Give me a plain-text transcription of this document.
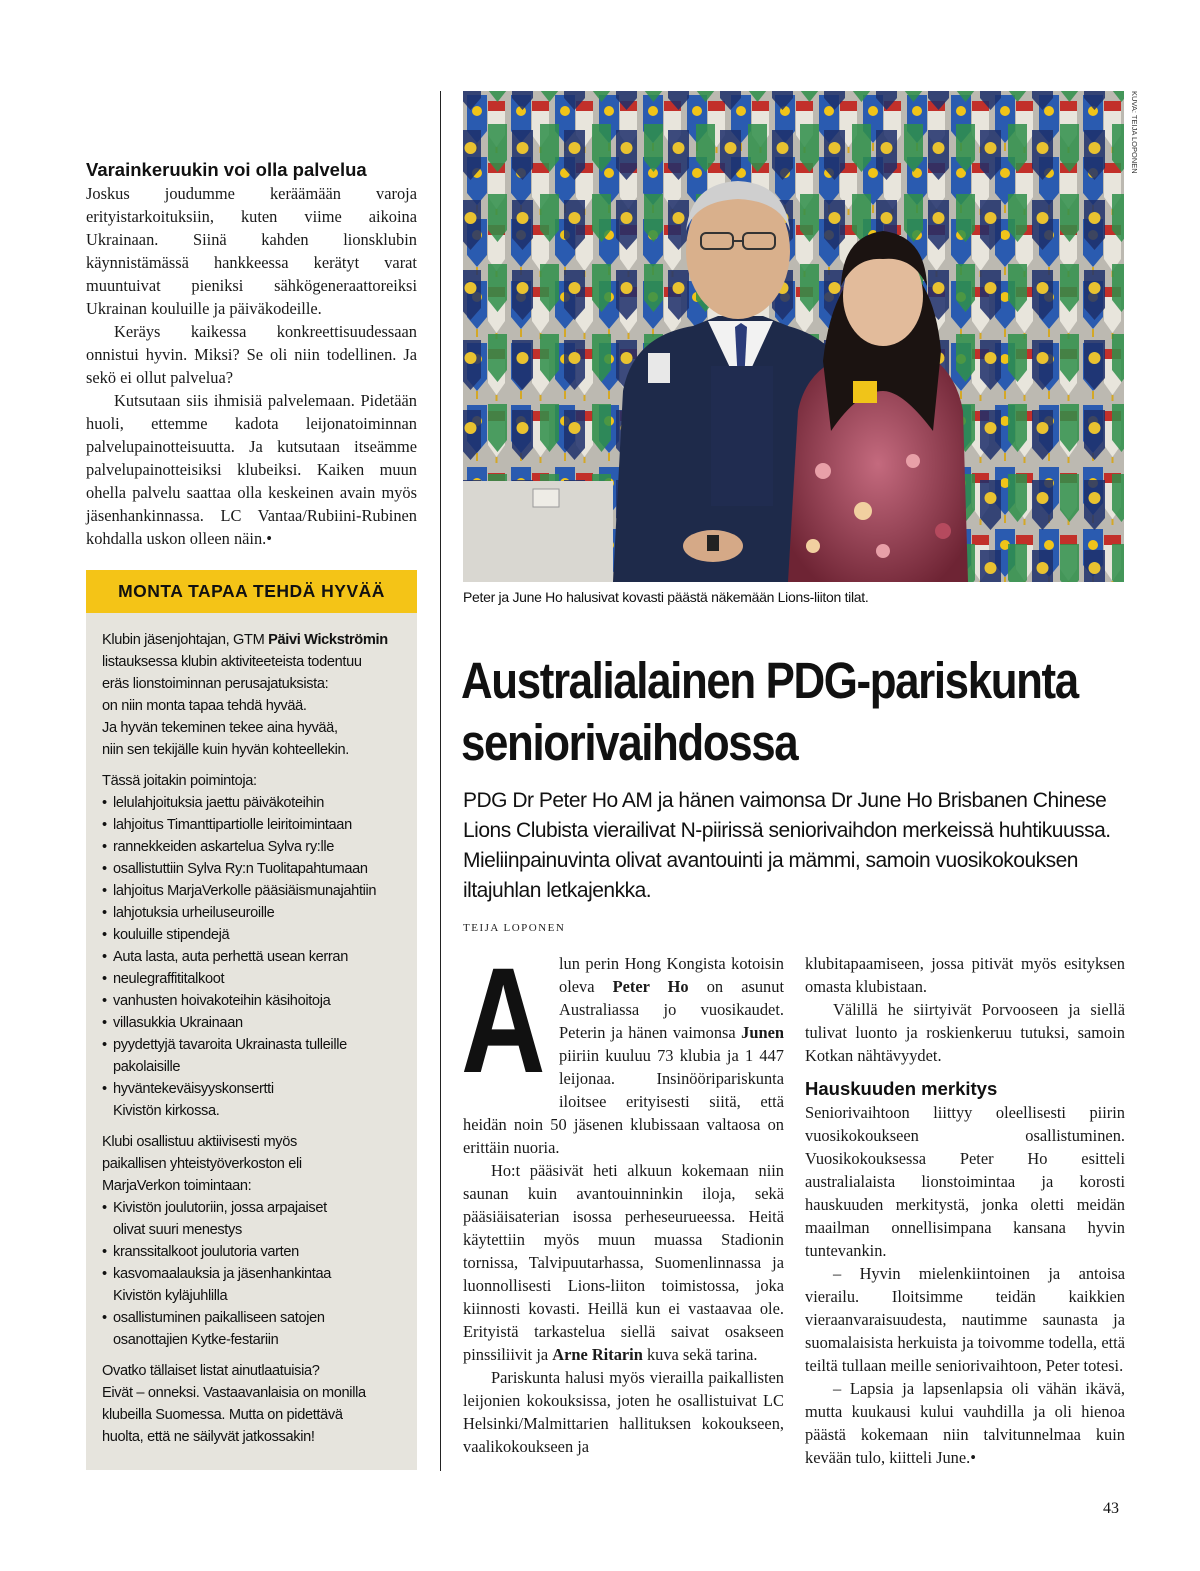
Varainkeruukin voi olla palvelua

Joskus joudumme keräämään varoja erityistarkoituksiin, kuten viime aikoina Ukrainaan. Siinä kahden lionsklubin käynnistämässä hankkeessa kerätyt varat muuntuivat pieniksi sähkögeneraattoreiksi Ukrainan kouluille ja päiväkodeille.

Keräys kaikessa konkreettisuudessaan onnistui hyvin. Miksi? Se oli niin todellinen. Ja sekö ei ollut palvelua?

Kutsutaan siis ihmisiä palvelemaan. Pidetään huoli, ettemme kadota leijonatoiminnan palvelupainotteisuutta. Ja kutsutaan itseämme palvelupainotteisiksi klubeiksi. Kaiken muun ohella palvelu saattaa olla keskeinen avain myös jäsenhankinnassa. LC Vantaa/Rubiini-Rubinen kohdalla uskon olleen näin.•

MONTA TAPAA TEHDÄ HYVÄÄ
Klubin jäsenjohtajan, GTM Päivi Wickströmin
listauksessa klubin aktiviteeteista todentuu
eräs lionstoiminnan perusajatuksista:
on niin monta tapaa tehdä hyvää.
Ja hyvän tekeminen tekee aina hyvää,
niin sen tekijälle kuin hyvän kohteellekin.
Tässä joitakin poimintoja:
• lelulahjoituksia jaettu päiväkoteihin
• lahjoitus Timanttipartiolle leiritoimintaan
• rannekkeiden askartelua Sylva ry:lle
• osallistuttiin Sylva Ry:n Tuolitapahtumaan
• lahjoitus MarjaVerkolle pääsiäismunajahtiin
• lahjotuksia urheiluseuroille
• kouluille stipendejä
• Auta lasta, auta perhettä usean kerran
• neulegraffititalkoot
• vanhusten hoivakoteihin käsihoitoja
• villasukkia Ukrainaan
• pyydettyjä tavaroita Ukrainasta tulleille
pakolaisille
• hyväntekeväisyyskonsertti
Kivistön kirkossa.
Klubi osallistuu aktiivisesti myös
paikallisen yhteistyöverkoston eli
MarjaVerkon toimintaan:
• Kivistön joulutoriin, jossa arpajaiset
olivat suuri menestys
• kranssitalkoot joulutoria varten
• kasvomaalauksia ja jäsenhankintaa
Kivistön kyläjuhlilla
• osallistuminen paikalliseen satojen
osanottajien Kytke-festariin
Ovatko tällaiset listat ainutlaatuisia?
Eivät – onneksi. Vastaavanlaisia on monilla
klubeilla Suomessa. Mutta on pidettävä
huolta, että ne säilyvät jatkossakin!
KUVA: TEIJA LOPONEN
Peter ja June Ho halusivat kovasti päästä näkemään Lions-liiton tilat.
Australialainen PDG-pariskunta
seniorivaihdossa
PDG Dr Peter Ho AM ja hänen vaimonsa Dr June Ho Brisbanen Chinese Lions Clubista vierailivat N-piirissä seniorivaihdon merkeissä huhtikuussa. Mieliinpainuvinta olivat avantouinti ja mämmi, samoin vuosikokouksen iltajuhlan letkajenkka.
TEIJA LOPONEN

Alun perin Hong Kongista kotoisin oleva Peter Ho on asunut Australiassa jo vuosikaudet. Peterin ja hänen vaimonsa Junen piiriin kuuluu 73 klubia ja 1 447 leijonaa. Insinööripariskunta iloitsee erityisesti siitä, että heidän noin 50 jäsenen klubissaan valtaosa on erittäin nuoria.

Ho:t pääsivät heti alkuun kokemaan niin saunan kuin avantouinninkin iloja, sekä pääsiäisaterian isossa perheseurueessa. Heitä käytettiin myös muun muassa Stadionin tornissa, Talvipuutarhassa, Suomenlinnassa ja luonnollisesti Lions-liiton toimistossa, joka kiinnosti kovasti. Heillä kun ei vastaavaa ole. Erityistä tarkastelua siellä saivat osakseen pinssiliivit ja Arne Ritarin kuva sekä tarina.

Pariskunta halusi myös vierailla paikallisten leijonien kokouksissa, joten he osallistuivat LC Helsinki/Malmittarien hallituksen kokoukseen, vaalikokoukseen ja

klubitapaamiseen, jossa pitivät myös esityksen omasta klubistaan.

Välillä he siirtyivät Porvooseen ja siellä tulivat luonto ja roskienkeruu tutuksi, samoin Kotkan nähtävyydet.

Hauskuuden merkitys

Seniorivaihtoon liittyy oleellisesti piirin vuosikokoukseen osallistuminen. Vuosikokouksessa Peter Ho esitteli australialaista lionstoimintaa ja korosti hauskuuden merkitystä, jonka oletti meidän maailman onnellisimpana kansana hyvin tuntevankin.

– Hyvin mielenkiintoinen ja antoisa vierailu. Iloitsimme teidän kaikkien vieraanvaraisuudesta, nautimme saunasta ja suomalaisista herkuista ja toivomme todella, että teiltä tullaan meille seniorivaihtoon, Peter totesi.

– Lapsia ja lapsenlapsia oli vähän ikävä, mutta kuukausi kului vauhdilla ja oli hienoa päästä kokemaan niin talvitunnelmaa kuin kevään tulo, kiitteli June.•

43
